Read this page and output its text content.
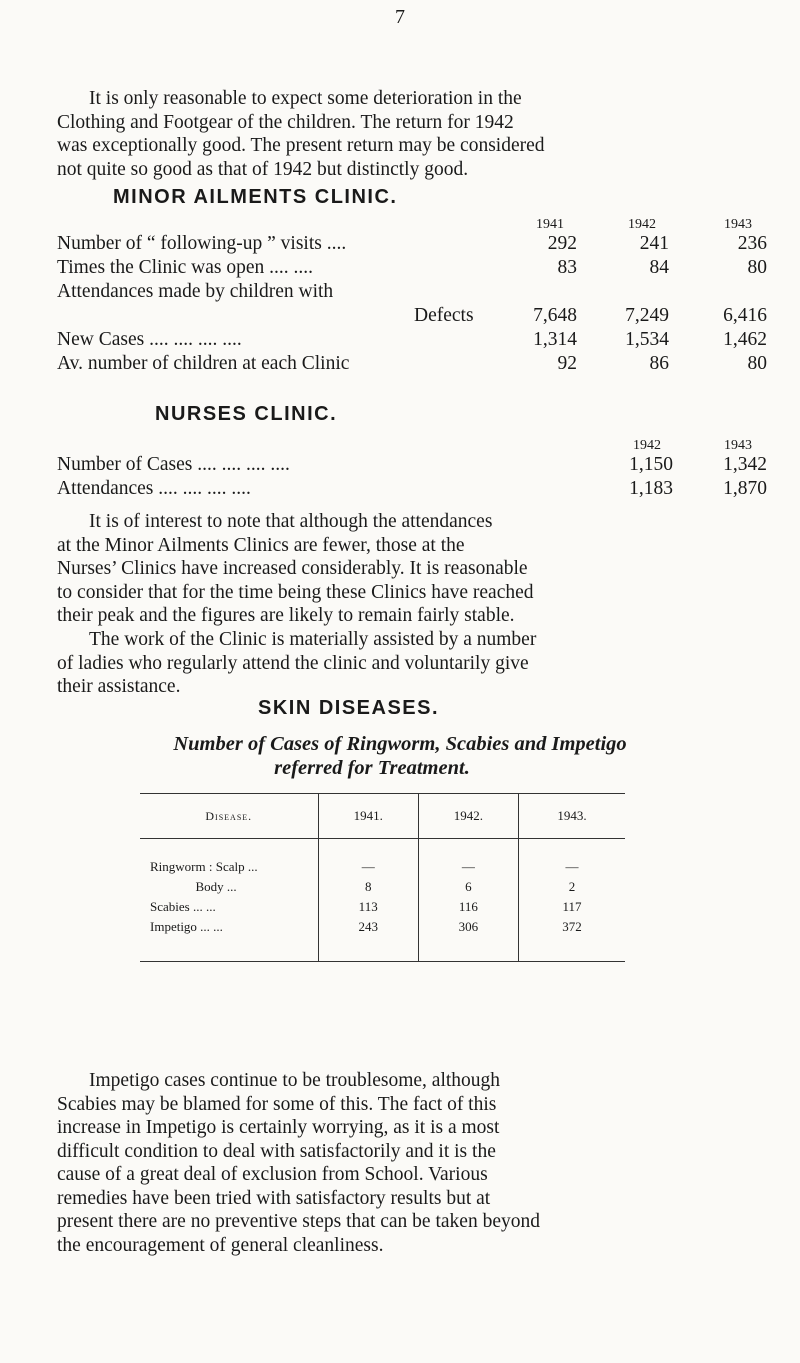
7

It is only reasonable to expect some deterioration in the

Clothing and Footgear of the children. The return for 1942

was exceptionally good. The present return may be considered

not quite so good as that of 1942 but distinctly good.

MINOR AILMENTS CLINIC.
1941	1942	1943
Number of “ following-up ” visits ....	292	241	236
Times the Clinic was open .... ....	83	84	80
Attendances made by children with
Defects	7,648	7,249	6,416
New Cases .... .... .... ....	1,314	1,534	1,462
Av. number of children at each Clinic	92	86	80
NURSES CLINIC.
1942	1943
Number of Cases .... .... .... ....	1,150	1,342
Attendances .... .... .... ....	1,183	1,870

It is of interest to note that although the attendances

at the Minor Ailments Clinics are fewer, those at the

Nurses’ Clinics have increased considerably. It is reasonable

to consider that for the time being these Clinics have reached

their peak and the figures are likely to remain fairly stable.

The work of the Clinic is materially assisted by a number

of ladies who regularly attend the clinic and voluntarily give

their assistance.

SKIN DISEASES.
Number of Cases of Ringworm, Scabies and Impetigo
referred for Treatment.
Disease.	1941.	1942.	1943.

Ringworm : Scalp ...	—	—	—
Body ...	8	6	2
Scabies ... ...	113	116	117
Impetigo ... ...	243	306	372

Impetigo cases continue to be troublesome, although

Scabies may be blamed for some of this. The fact of this

increase in Impetigo is certainly worrying, as it is a most

difficult condition to deal with satisfactorily and it is the

cause of a great deal of exclusion from School. Various

remedies have been tried with satisfactory results but at

present there are no preventive steps that can be taken beyond

the encouragement of general cleanliness.
